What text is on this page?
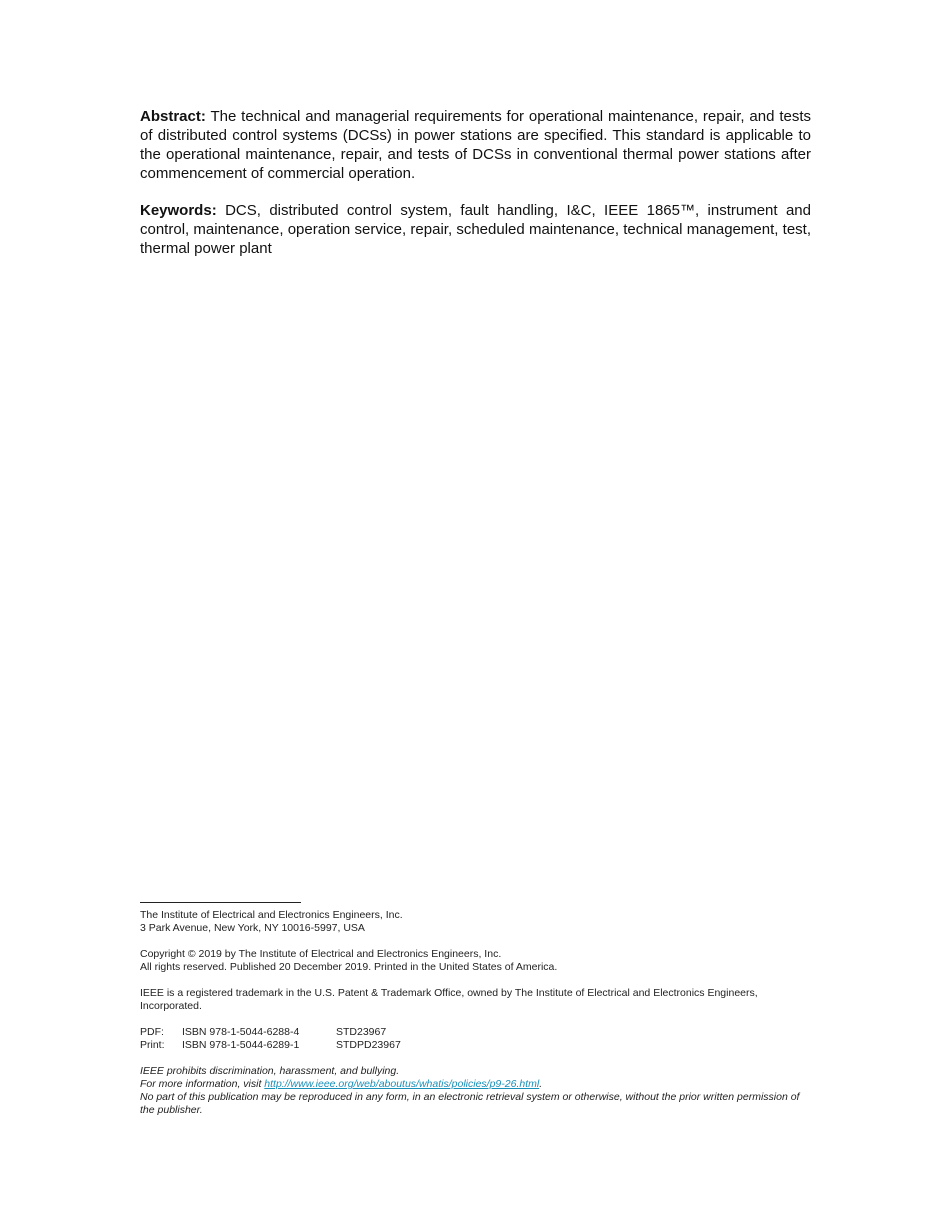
Abstract: The technical and managerial requirements for operational maintenance, repair, and tests of distributed control systems (DCSs) in power stations are specified. This standard is applicable to the operational maintenance, repair, and tests of DCSs in conventional thermal power stations after commencement of commercial operation.

Keywords: DCS, distributed control system, fault handling, I&C, IEEE 1865™, instrument and control, maintenance, operation service, repair, scheduled maintenance, technical management, test, thermal power plant

The Institute of Electrical and Electronics Engineers, Inc.
3 Park Avenue, New York, NY 10016-5997, USA
Copyright © 2019 by The Institute of Electrical and Electronics Engineers, Inc.
All rights reserved. Published 20 December 2019. Printed in the United States of America.
IEEE is a registered trademark in the U.S. Patent & Trademark Office, owned by The Institute of Electrical and Electronics Engineers, Incorporated.
PDF: ISBN 978-1-5044-6288-4	STD23967
Print: ISBN 978-1-5044-6289-1	STDPD23967
IEEE prohibits discrimination, harassment, and bullying.
For more information, visit http://www.ieee.org/web/aboutus/whatis/policies/p9-26.html.
No part of this publication may be reproduced in any form, in an electronic retrieval system or otherwise, without the prior written permission of the publisher.
